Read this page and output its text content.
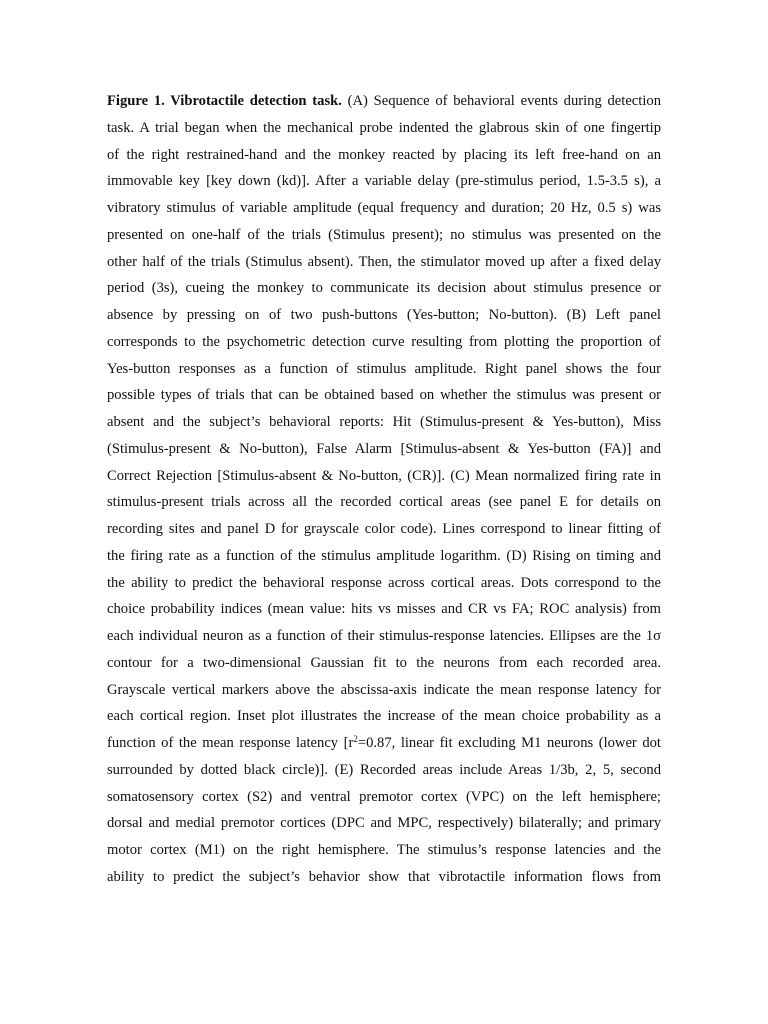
Figure 1. Vibrotactile detection task. (A) Sequence of behavioral events during detection
task. A trial began when the mechanical probe indented the glabrous skin of one fingertip
of the right restrained-hand and the monkey reacted by placing its left free-hand on an
immovable key [key down (kd)]. After a variable delay (pre-stimulus period, 1.5-3.5 s), a
vibratory stimulus of variable amplitude (equal frequency and duration; 20 Hz, 0.5 s) was
presented on one-half of the trials (Stimulus present); no stimulus was presented on the
other half of the trials (Stimulus absent). Then, the stimulator moved up after a fixed delay
period (3s), cueing the monkey to communicate its decision about stimulus presence or
absence by pressing on of two push-buttons (Yes-button; No-button). (B) Left panel
corresponds to the psychometric detection curve resulting from plotting the proportion of
Yes-button responses as a function of stimulus amplitude. Right panel shows the four
possible types of trials that can be obtained based on whether the stimulus was present or
absent and the subject’s behavioral reports: Hit (Stimulus-present & Yes-button), Miss
(Stimulus-present & No-button), False Alarm [Stimulus-absent & Yes-button (FA)] and
Correct Rejection [Stimulus-absent & No-button, (CR)]. (C) Mean normalized firing rate in
stimulus-present trials across all the recorded cortical areas (see panel E for details on
recording sites and panel D for grayscale color code). Lines correspond to linear fitting of
the firing rate as a function of the stimulus amplitude logarithm. (D) Rising on timing and
the ability to predict the behavioral response across cortical areas. Dots correspond to the
choice probability indices (mean value: hits vs misses and CR vs FA; ROC analysis) from
each individual neuron as a function of their stimulus-response latencies. Ellipses are the 1σ
contour for a two-dimensional Gaussian fit to the neurons from each recorded area.
Grayscale vertical markers above the abscissa-axis indicate the mean response latency for
each cortical region. Inset plot illustrates the increase of the mean choice probability as a
function of the mean response latency [$r^2=0.87$, linear fit excluding M1 neurons (lower dot
surrounded by dotted black circle)]. (E) Recorded areas include Areas 1/3b, 2, 5, second
somatosensory cortex (S2) and ventral premotor cortex (VPC) on the left hemisphere;
dorsal and medial premotor cortices (DPC and MPC, respectively) bilaterally; and primary
motor cortex (M1) on the right hemisphere. The stimulus’s response latencies and the
ability to predict the subject’s behavior show that vibrotactile information flows from
